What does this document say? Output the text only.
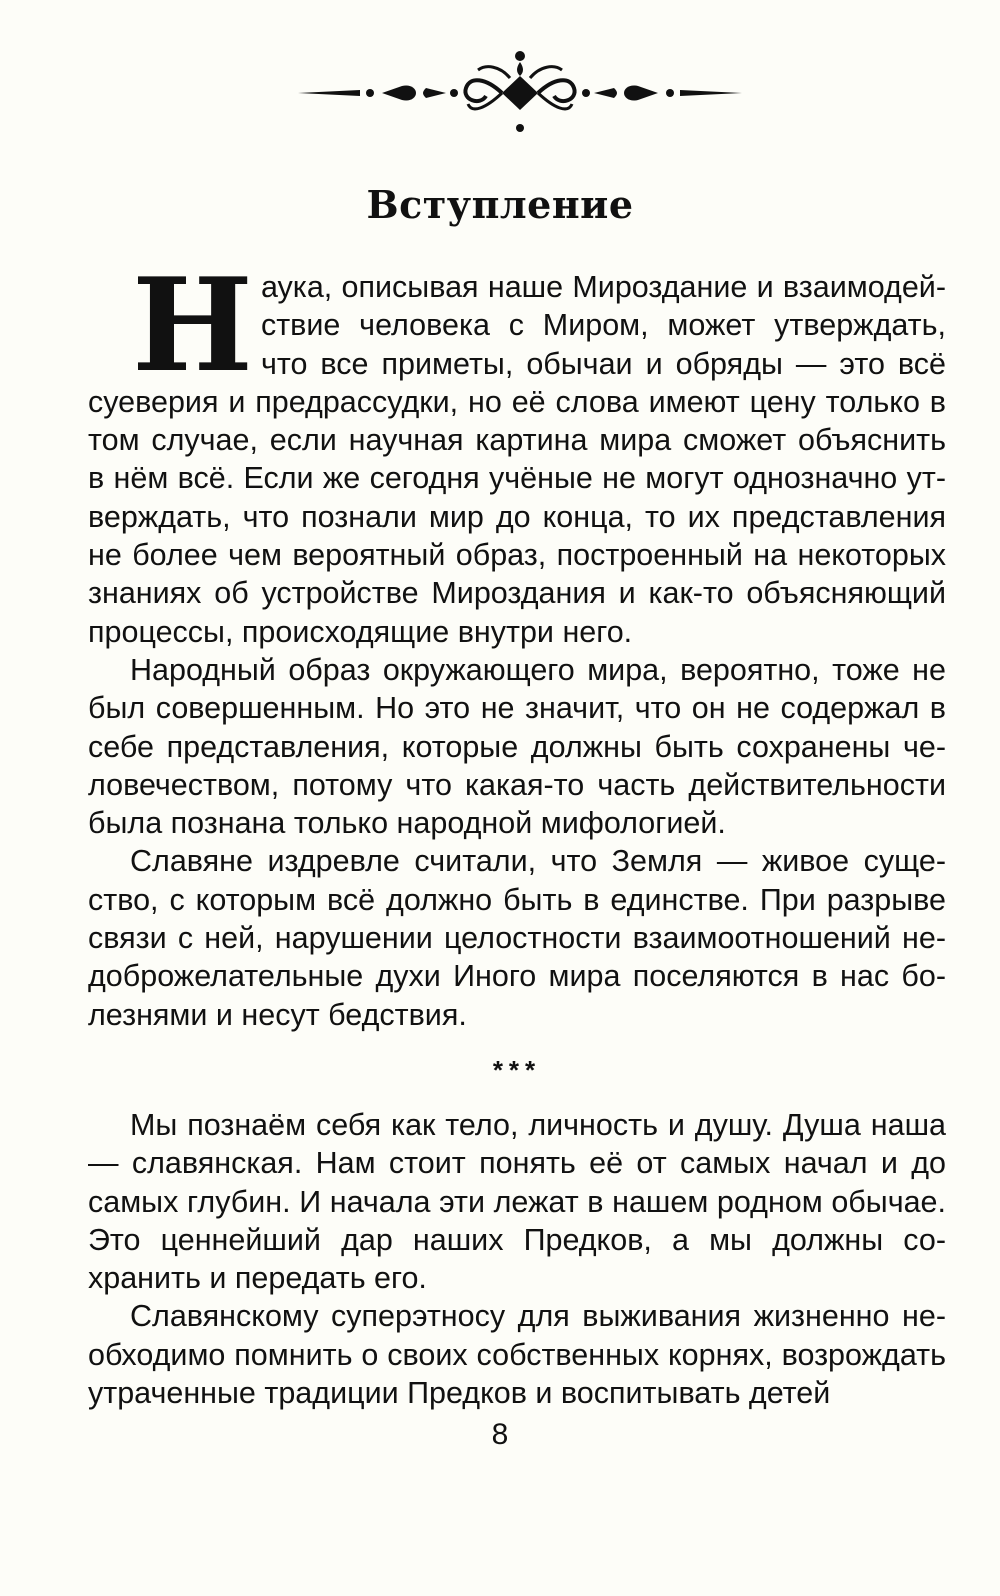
Вступление

Наука, описывая наше Мироздание и взаимодействие человека с Миром, может утверждать, что все приметы, обычаи и обряды — это всё суеверия и предрассудки, но её слова имеют цену только в том случае, если научная картина мира сможет объяснить в нём всё. Если же сегодня учёные не могут однозначно утверждать, что познали мир до конца, то их представления не более чем вероятный образ, построенный на некоторых знаниях об устройстве Мироздания и как-то объясняющий процессы, происходящие внутри него.

Народный образ окружающего мира, вероятно, тоже не был совершенным. Но это не значит, что он не содержал в себе представления, которые должны быть сохранены человечеством, потому что какая-то часть действительности была познана только народной мифологией.

Славяне издревле считали, что Земля — живое существо, с которым всё должно быть в единстве. При разрыве связи с ней, нарушении целостности взаимоотношений недоброжелательные духи Иного мира поселяются в нас болезнями и несут бедствия.

***

Мы познаём себя как тело, личность и душу. Душа наша — славянская. Нам стоит понять её от самых начал и до самых глубин. И начала эти лежат в нашем родном обычае. Это ценнейший дар наших Предков, а мы должны сохранить и передать его.

Славянскому суперэтносу для выживания жизненно необходимо помнить о своих собственных корнях, возрождать утраченные традиции Предков и воспитывать детей

8
